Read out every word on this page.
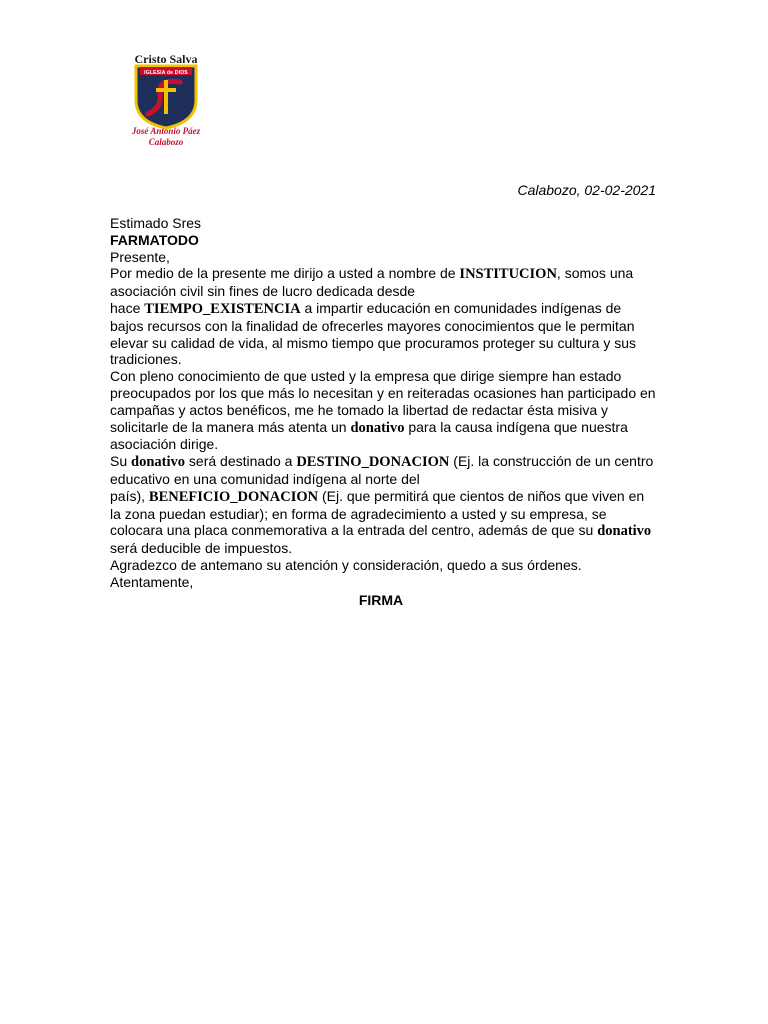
Cristo Salva
IGLESIA de DIOS
José Antonio Páez
Calabozo
Calabozo, 02-02-2021

Estimado Sres

FARMATODO

Presente,

Por medio de la presente me dirijo a usted a nombre de INSTITUCION, somos una asociación civil sin fines de lucro dedicada desde

hace TIEMPO_EXISTENCIA a impartir educación en comunidades indígenas de bajos recursos con la finalidad de ofrecerles mayores conocimientos que le permitan elevar su calidad de vida, al mismo tiempo que procuramos proteger su cultura y sus tradiciones.

Con pleno conocimiento de que usted y la empresa que dirige siempre han estado preocupados por los que más lo necesitan y en reiteradas ocasiones han participado en campañas y actos benéficos, me he tomado la libertad de redactar ésta misiva y solicitarle de la manera más atenta un donativo para la causa indígena que nuestra asociación dirige.

Su donativo será destinado a DESTINO_DONACION (Ej. la construcción de un centro educativo en una comunidad indígena al norte del

país), BENEFICIO_DONACION (Ej. que permitirá que cientos de niños que viven en la zona puedan estudiar); en forma de agradecimiento a usted y su empresa, se colocara una placa conmemorativa a la entrada del centro, además de que su donativo será deducible de impuestos.

Agradezco de antemano su atención y consideración, quedo a sus órdenes.

Atentamente,

FIRMA
